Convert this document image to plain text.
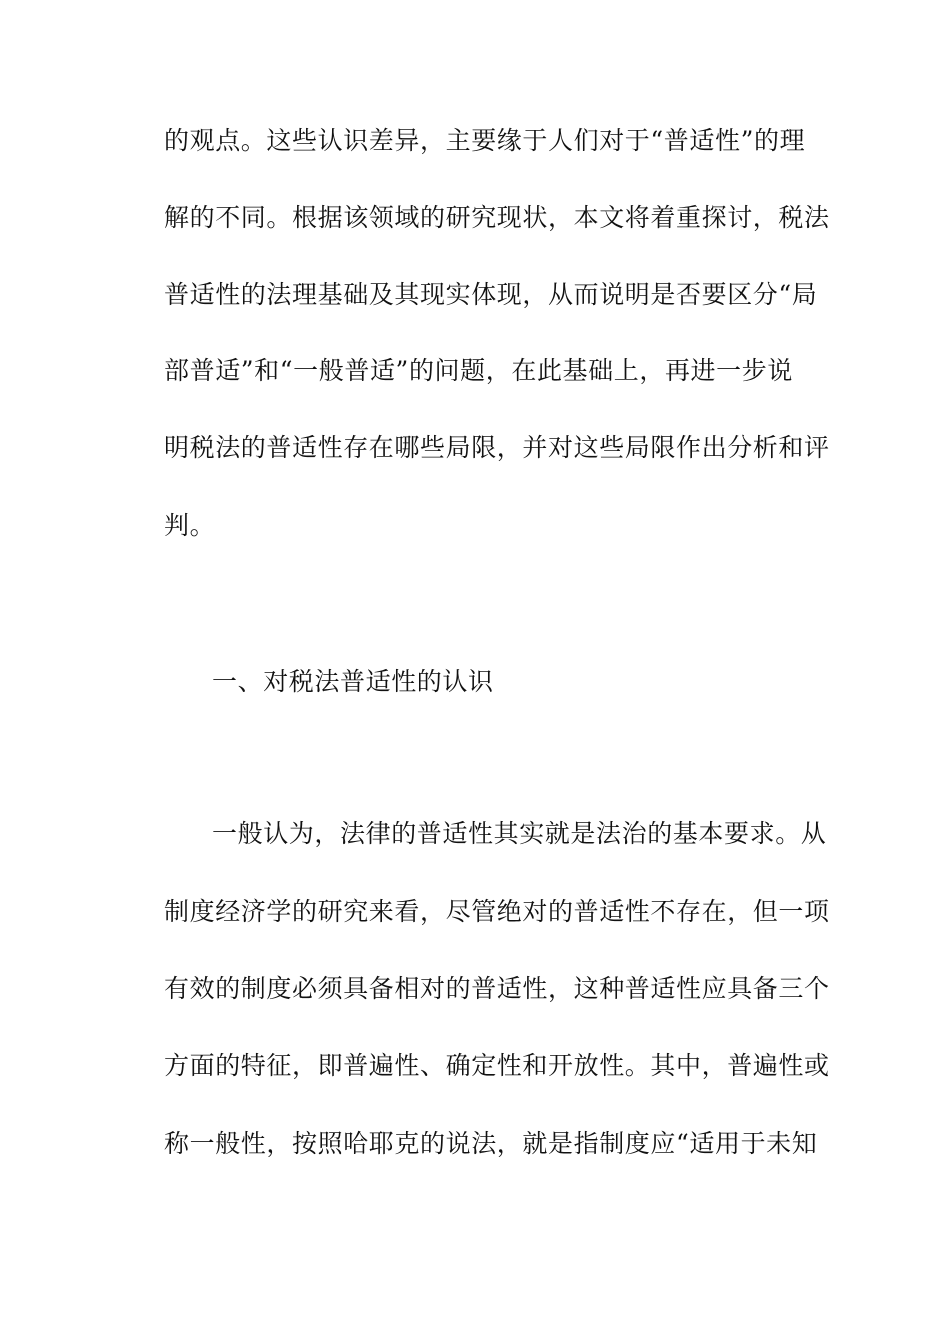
的观点。这些认识差异，主要缘于人们对于“普适性”的理
解的不同。根据该领域的研究现状，本文将着重探讨，税法
普适性的法理基础及其现实体现，从而说明是否要区分“局
部普适”和“一般普适”的问题，在此基础上，再进一步说
明税法的普适性存在哪些局限，并对这些局限作出分析和评
判。
一、对税法普适性的认识
一般认为，法律的普适性其实就是法治的基本要求。从
制度经济学的研究来看，尽管绝对的普适性不存在，但一项
有效的制度必须具备相对的普适性，这种普适性应具备三个
方面的特征，即普遍性、确定性和开放性。其中，普遍性或
称一般性，按照哈耶克的说法，就是指制度应“适用于未知
